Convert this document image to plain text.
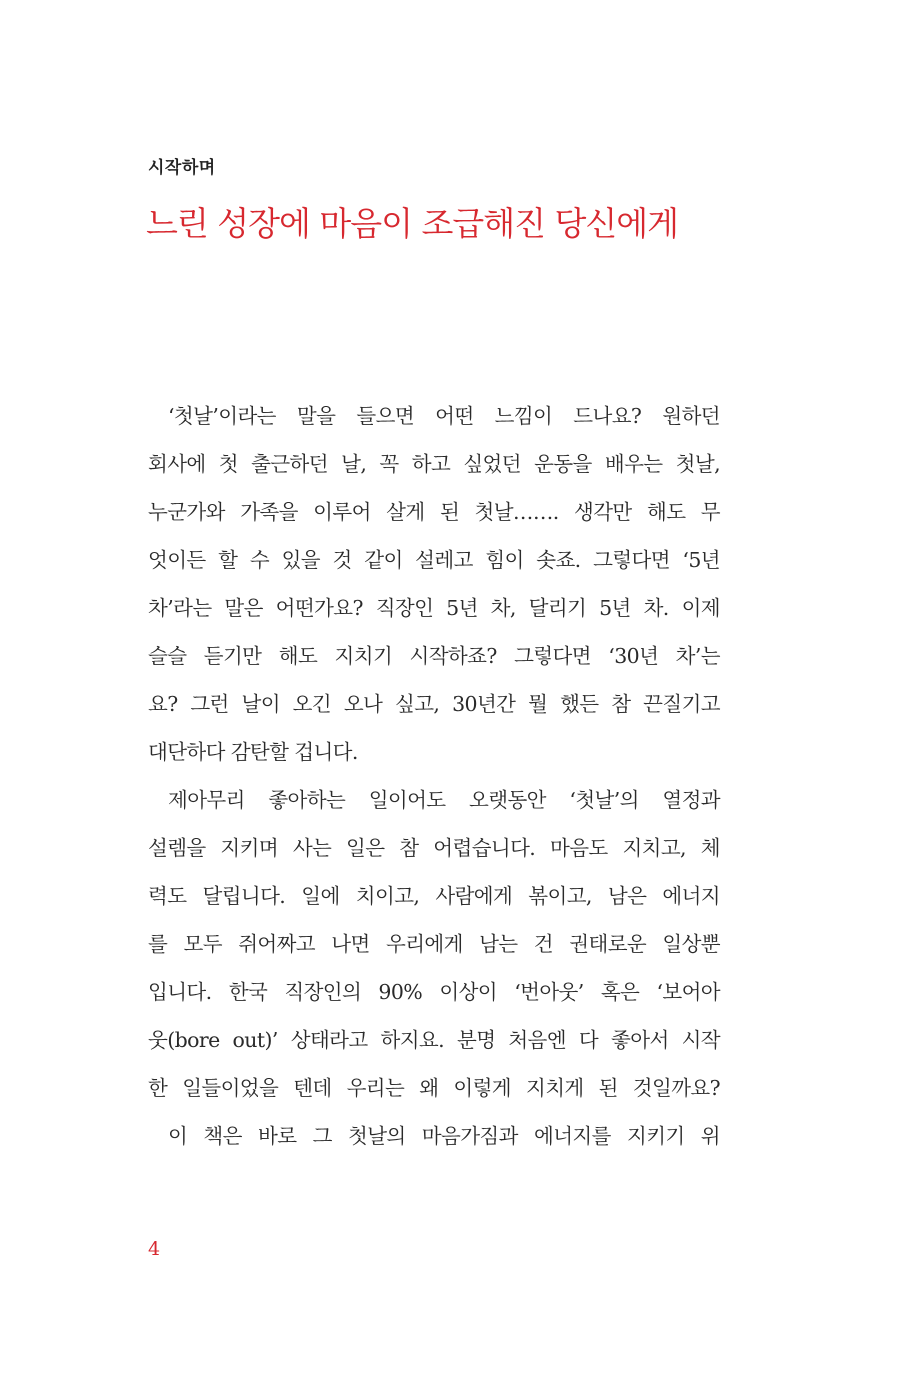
시작하며
느린 성장에 마음이 조급해진 당신에게
‘첫날’이라는 말을 들으면 어떤 느낌이 드나요? 원하던
회사에 첫 출근하던 날, 꼭 하고 싶었던 운동을 배우는 첫날,
누군가와 가족을 이루어 살게 된 첫날……. 생각만 해도 무
엇이든 할 수 있을 것 같이 설레고 힘이 솟죠. 그렇다면 ‘5년
차’라는 말은 어떤가요? 직장인 5년 차, 달리기 5년 차. 이제
슬슬 듣기만 해도 지치기 시작하죠? 그렇다면 ‘30년 차’는
요? 그런 날이 오긴 오나 싶고, 30년간 뭘 했든 참 끈질기고
대단하다 감탄할 겁니다.
제아무리 좋아하는 일이어도 오랫동안 ‘첫날’의 열정과
설렘을 지키며 사는 일은 참 어렵습니다. 마음도 지치고, 체
력도 달립니다. 일에 치이고, 사람에게 볶이고, 남은 에너지
를 모두 쥐어짜고 나면 우리에게 남는 건 권태로운 일상뿐
입니다. 한국 직장인의 90% 이상이 ‘번아웃’ 혹은 ‘보어아
웃(bore out)’ 상태라고 하지요. 분명 처음엔 다 좋아서 시작
한 일들이었을 텐데 우리는 왜 이렇게 지치게 된 것일까요?
이 책은 바로 그 첫날의 마음가짐과 에너지를 지키기 위
4
